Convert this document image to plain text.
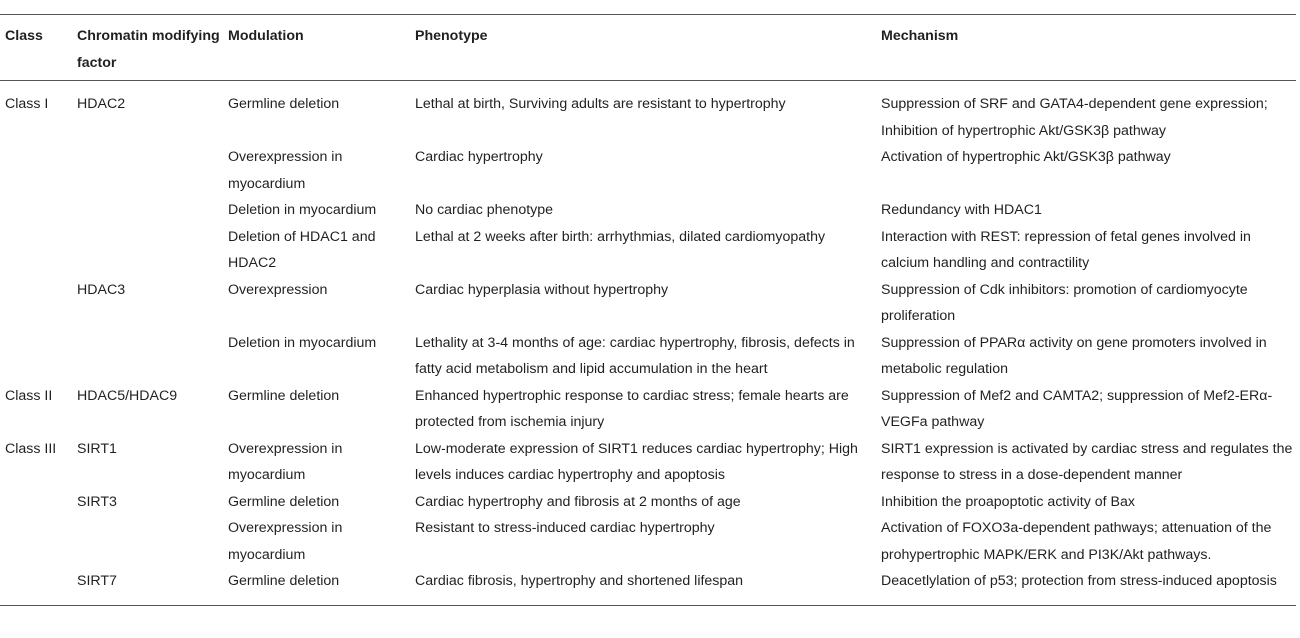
Class	Chromatin modifying factor	Modulation	Phenotype	Mechanism
Class I	HDAC2	Germline deletion	Lethal at birth, Surviving adults are resistant to hypertrophy	Suppression of SRF and GATA4-dependent gene expression; Inhibition of hypertrophic Akt/GSK3β pathway
		Overexpression in myocardium	Cardiac hypertrophy	Activation of hypertrophic Akt/GSK3β pathway
		Deletion in myocardium	No cardiac phenotype	Redundancy with HDAC1
		Deletion of HDAC1 and HDAC2	Lethal at 2 weeks after birth: arrhythmias, dilated cardiomyopathy	Interaction with REST: repression of fetal genes involved in calcium handling and contractility
	HDAC3	Overexpression	Cardiac hyperplasia without hypertrophy	Suppression of Cdk inhibitors: promotion of cardiomyocyte proliferation
		Deletion in myocardium	Lethality at 3-4 months of age: cardiac hypertrophy, fibrosis, defects in fatty acid metabolism and lipid accumulation in the heart	Suppression of PPARα activity on gene promoters involved in metabolic regulation
Class II	HDAC5/HDAC9	Germline deletion	Enhanced hypertrophic response to cardiac stress; female hearts are protected from ischemia injury	Suppression of Mef2 and CAMTA2; suppression of Mef2-ERα-VEGFa pathway
Class III	SIRT1	Overexpression in myocardium	Low-moderate expression of SIRT1 reduces cardiac hypertrophy; High levels induces cardiac hypertrophy and apoptosis	SIRT1 expression is activated by cardiac stress and regulates the response to stress in a dose-dependent manner
	SIRT3	Germline deletion	Cardiac hypertrophy and fibrosis at 2 months of age	Inhibition the proapoptotic activity of Bax
		Overexpression in myocardium	Resistant to stress-induced cardiac hypertrophy	Activation of FOXO3a-dependent pathways; attenuation of the prohypertrophic MAPK/ERK and PI3K/Akt pathways.
	SIRT7	Germline deletion	Cardiac fibrosis, hypertrophy and shortened lifespan	Deacetlylation of p53; protection from stress-induced apoptosis
